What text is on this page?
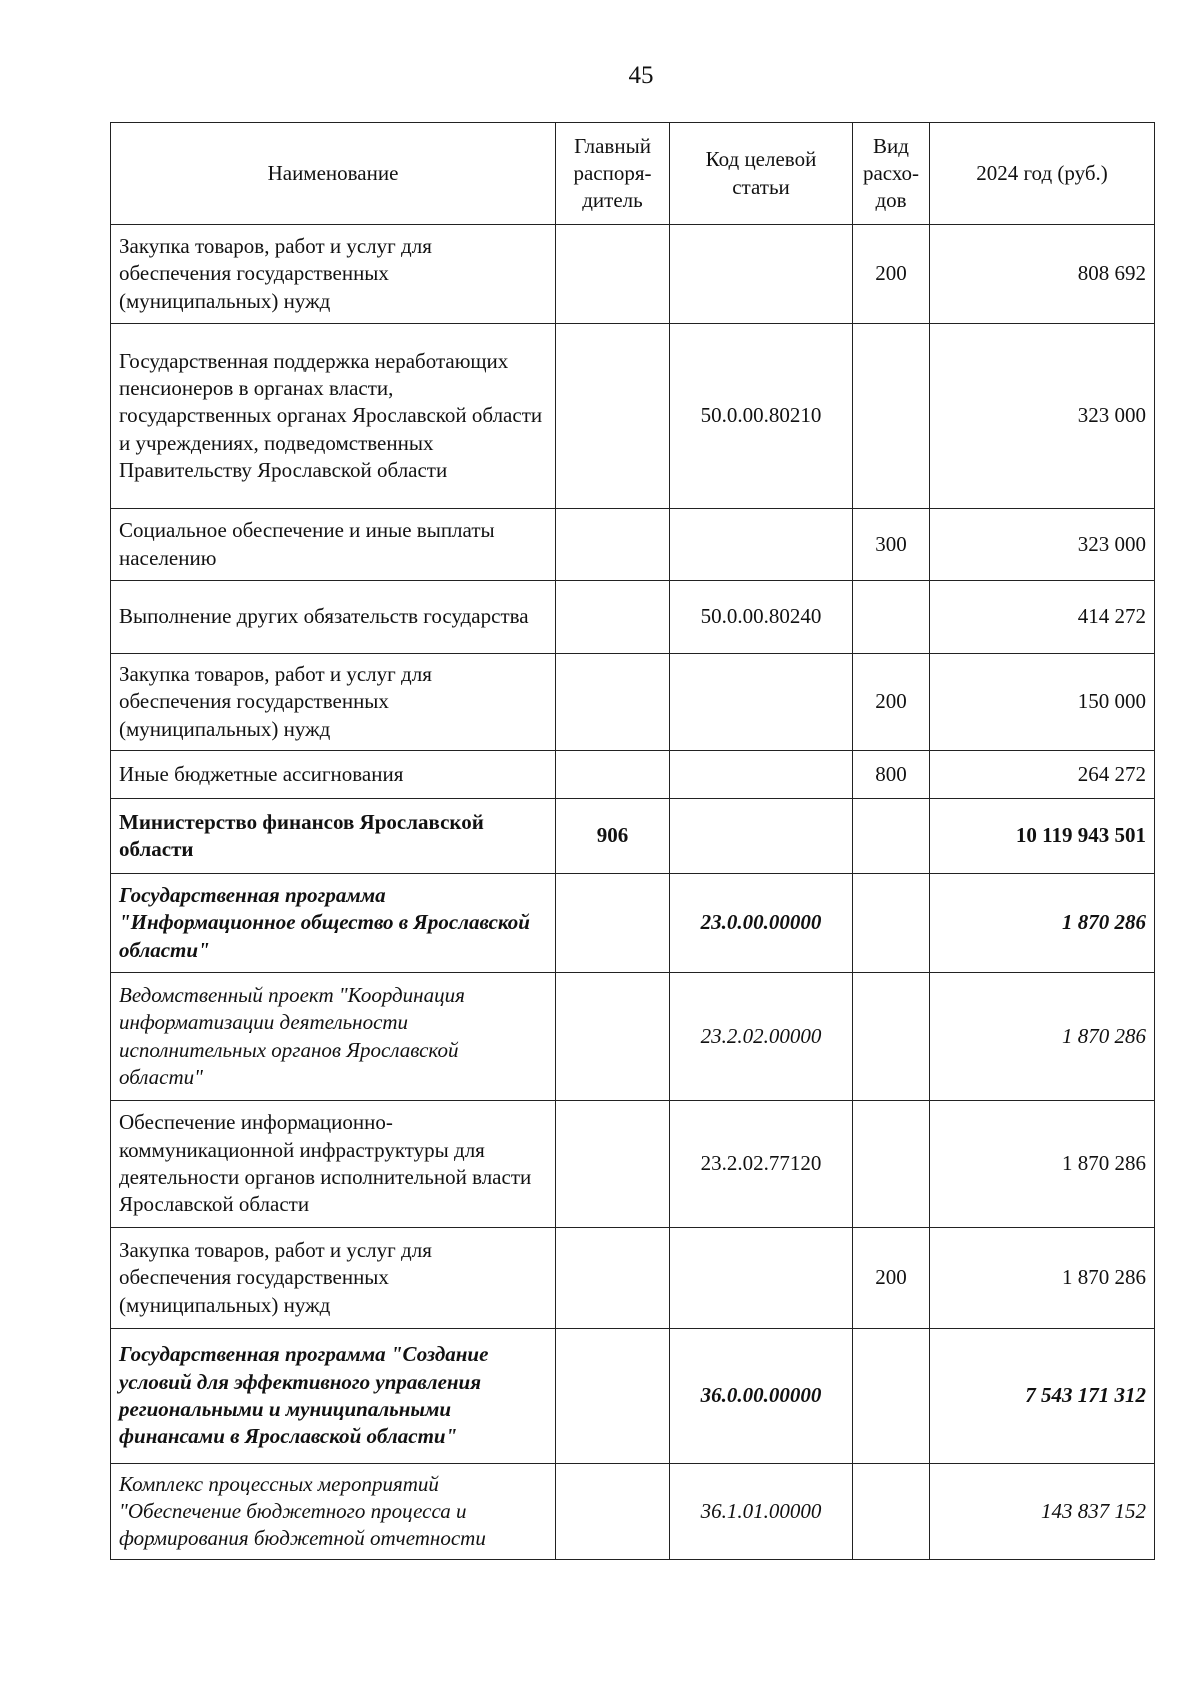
45
Наименование	Главный распоря-дитель	Код целевой статьи	Вид расхо-дов	2024 год (руб.)
Закупка товаров, работ и услуг для обеспечения государственных (муниципальных) нужд			200	808 692
Государственная поддержка неработающих пенсионеров в органах власти, государственных органах Ярославской области и учреждениях, подведомственных Правительству Ярославской области		50.0.00.80210		323 000
Социальное обеспечение и иные выплаты населению			300	323 000
Выполнение других обязательств государства		50.0.00.80240		414 272
Закупка товаров, работ и услуг для обеспечения государственных (муниципальных) нужд			200	150 000
Иные бюджетные ассигнования			800	264 272
Министерство финансов Ярославской области	906			10 119 943 501
Государственная программа "Информационное общество в Ярославской области"		23.0.00.00000		1 870 286
Ведомственный проект "Координация информатизации деятельности исполнительных органов Ярославской области"		23.2.02.00000		1 870 286
Обеспечение информационно-коммуникационной инфраструктуры для деятельности органов исполнительной власти Ярославской области		23.2.02.77120		1 870 286
Закупка товаров, работ и услуг для обеспечения государственных (муниципальных) нужд			200	1 870 286
Государственная программа "Создание условий для эффективного управления региональными и муниципальными финансами в Ярославской области"		36.0.00.00000		7 543 171 312
Комплекс процессных мероприятий "Обеспечение бюджетного процесса и формирования бюджетной отчетности		36.1.01.00000		143 837 152
